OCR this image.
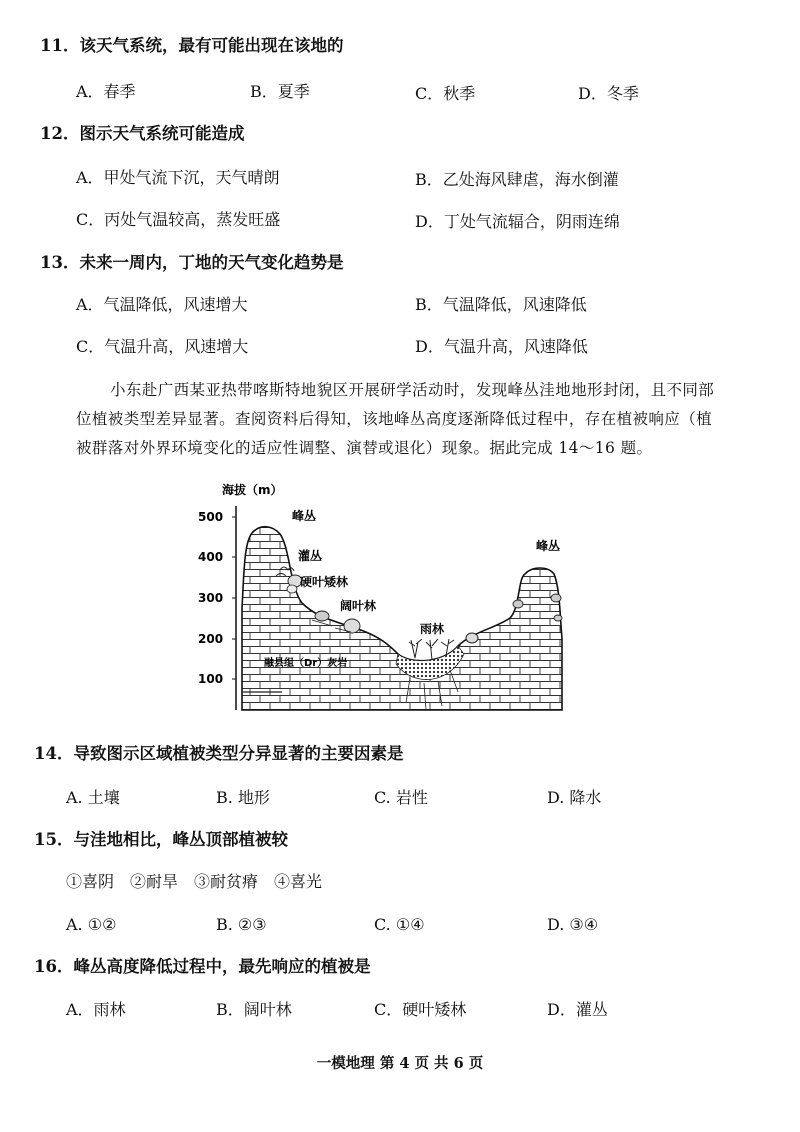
11．该天气系统，最有可能出现在该地的
A．春季	B．夏季	C．秋季	D．冬季
12．图示天气系统可能造成
A．甲处气流下沉，天气晴朗	B．乙处海风肆虐，海水倒灌
C．丙处气温较高，蒸发旺盛	D．丁处气流辐合，阴雨连绵
13．未来一周内，丁地的天气变化趋势是
A．气温降低，风速增大	B．气温降低，风速降低
C．气温升高，风速增大	D．气温升高，风速降低
小东赴广西某亚热带喀斯特地貌区开展研学活动时，发现峰丛洼地地形封闭，且不同部
位植被类型差异显著。查阅资料后得知，该地峰丛高度逐渐降低过程中，存在植被响应（植
被群落对外界环境变化的适应性调整、演替或退化）现象。据此完成 14～16 题。
海拔（m）
500
400
300
200
100
峰丛
灌丛
硬叶矮林
阔叶林
雨林
峰丛
融县组（Dr）灰岩
14．导致图示区域植被类型分异显著的主要因素是
A. 土壤	B. 地形	C. 岩性	D. 降水
15．与洼地相比，峰丛顶部植被较
①喜阴　②耐旱　③耐贫瘠　④喜光
A. ①②	B. ②③	C. ①④	D. ③④
16．峰丛高度降低过程中，最先响应的植被是
A．雨林	B．阔叶林	C．硬叶矮林	D．灌丛
一模地理 第 4 页 共 6 页
